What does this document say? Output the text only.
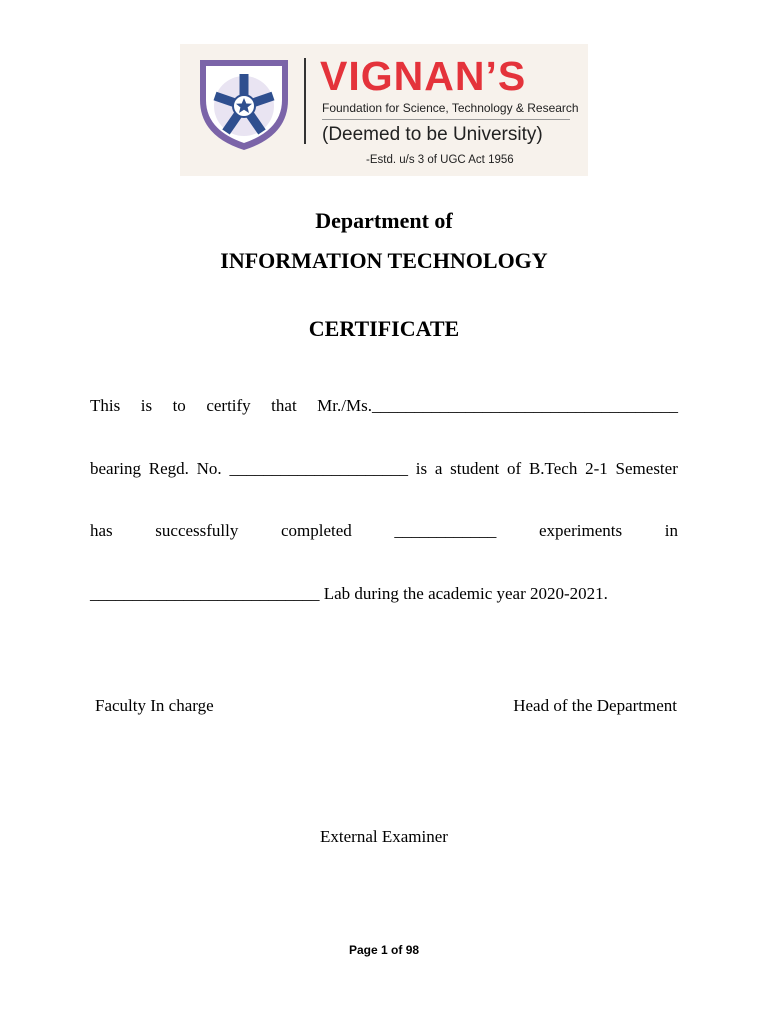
VIGNAN’S
Foundation for Science, Technology & Research
(Deemed to be University)
-Estd. u/s 3 of UGC Act 1956
Department of
INFORMATION TECHNOLOGY
CERTIFICATE
This is to certify that Mr./Ms.____________________________________
bearing Regd. No. _____________________ is a student of B.Tech 2-1 Semester
has	successfully	completed	____________	experiments	in
___________________________ Lab during the academic year 2020-2021.
Faculty In charge	Head of the Department
External Examiner
Page 1 of 98
